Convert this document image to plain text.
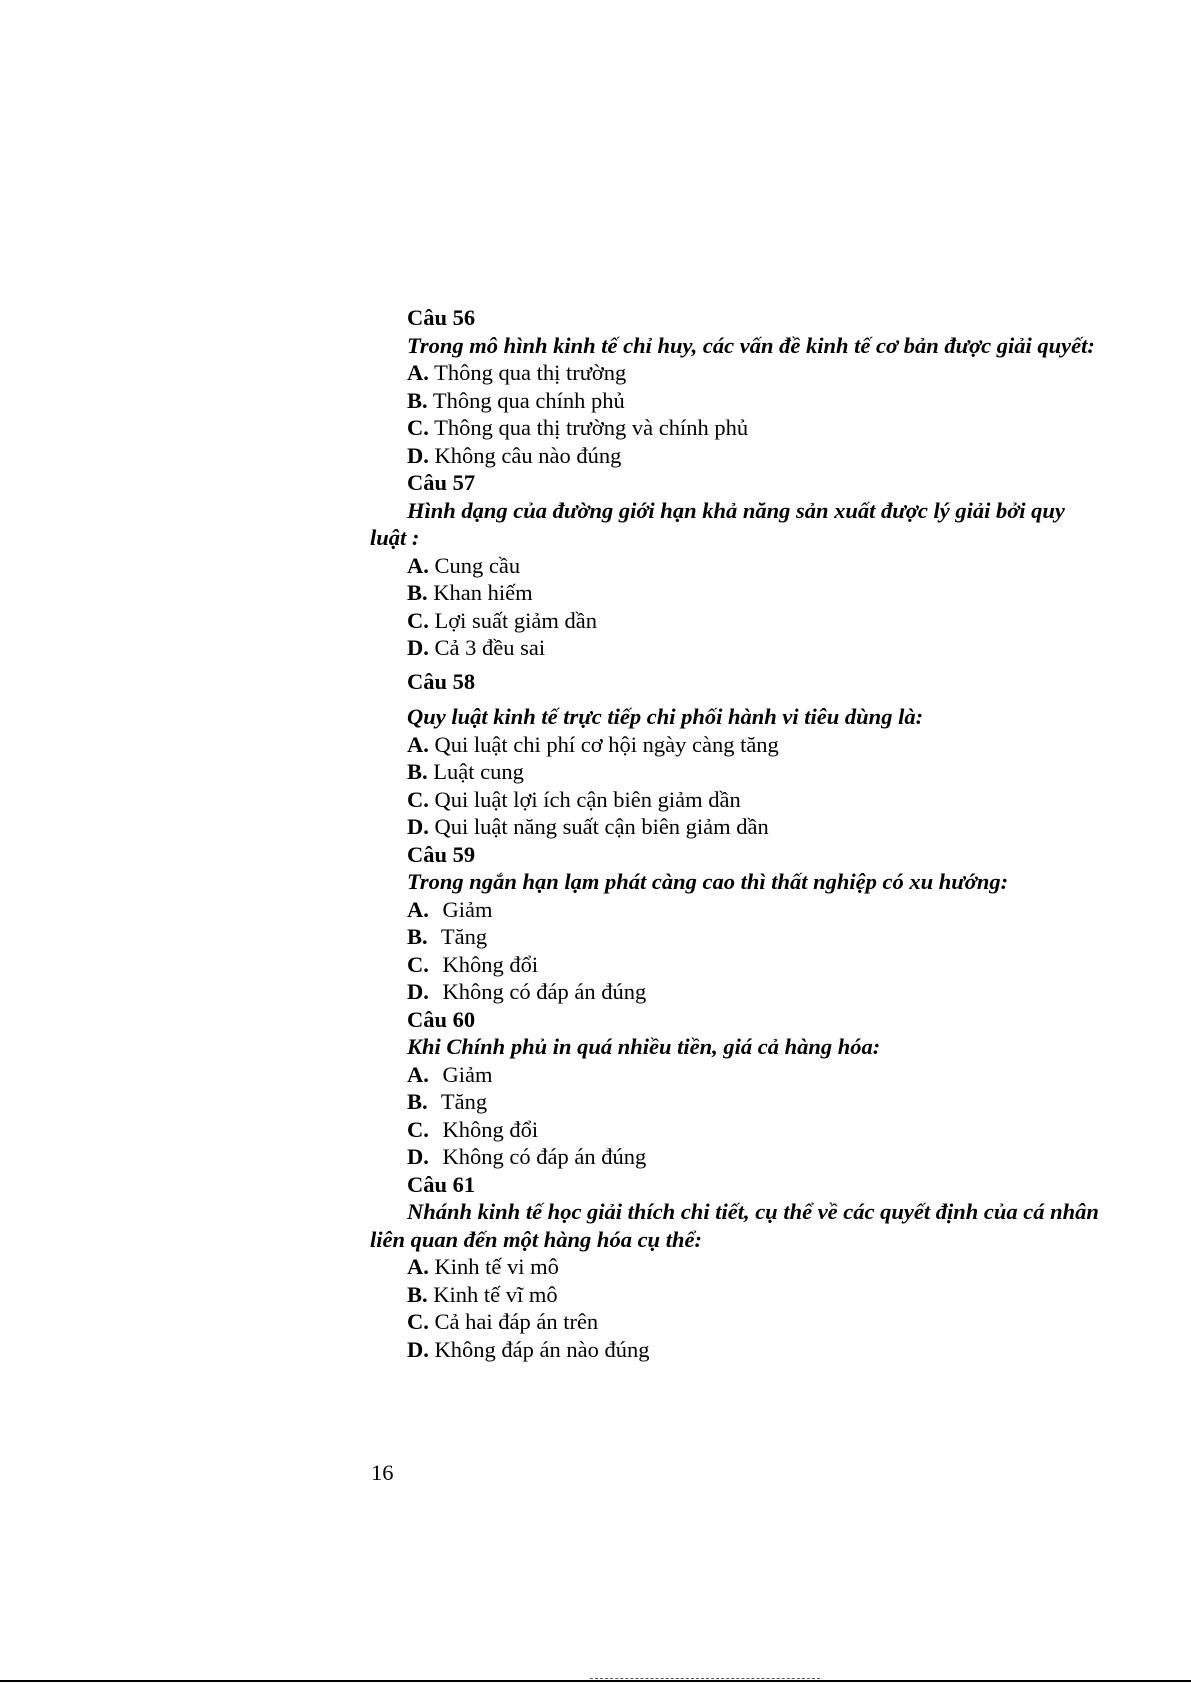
Câu 56
Trong mô hình kinh tế chỉ huy, các vấn đề kinh tế cơ bản được giải quyết:
A. Thông qua thị trường
B. Thông qua chính phủ
C. Thông qua thị trường và chính phủ
D. Không câu nào đúng
Câu 57
Hình dạng của đường giới hạn khả năng sản xuất được lý giải bởi quy luật :
A. Cung cầu
B. Khan hiếm
C. Lợi suất giảm dần
D. Cả 3 đều sai
Câu 58
Quy luật kinh tế trực tiếp chi phối hành vi tiêu dùng là:
A. Qui luật chi phí cơ hội ngày càng tăng
B. Luật cung
C. Qui luật lợi ích cận biên giảm dần
D. Qui luật năng suất cận biên giảm dần
Câu 59
Trong ngắn hạn lạm phát càng cao thì thất nghiệp có xu hướng:
A. Giảm
B. Tăng
C. Không đổi
D. Không có đáp án đúng
Câu 60
Khi Chính phủ in quá nhiều tiền, giá cả hàng hóa:
A. Giảm
B. Tăng
C. Không đổi
D. Không có đáp án đúng
Câu 61
Nhánh kinh tế học giải thích chi tiết, cụ thể về các quyết định của cá nhân liên quan đến một hàng hóa cụ thể:
A. Kinh tế vi mô
B. Kinh tế vĩ mô
C. Cả hai đáp án trên
D. Không đáp án nào đúng
16
